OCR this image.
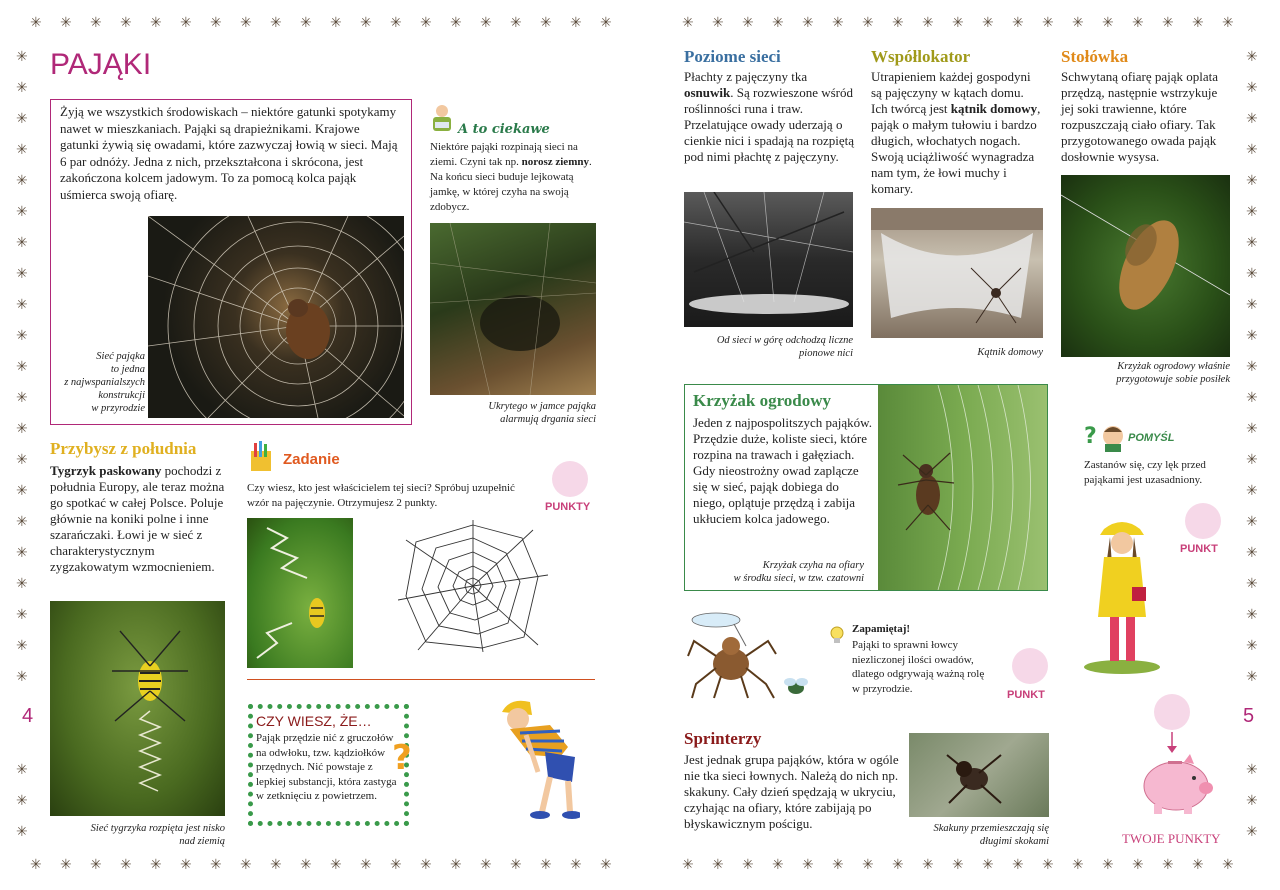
✳ ✳ ✳ ✳ ✳ ✳ ✳ ✳ ✳ ✳ ✳ ✳ ✳ ✳ ✳ ✳ ✳ ✳ ✳ ✳	✳ ✳ ✳ ✳ ✳ ✳ ✳ ✳ ✳ ✳ ✳ ✳ ✳ ✳ ✳ ✳ ✳ ✳ ✳
✳ ✳ ✳ ✳ ✳ ✳ ✳ ✳ ✳ ✳ ✳ ✳ ✳ ✳ ✳ ✳ ✳ ✳ ✳ ✳	✳ ✳ ✳ ✳ ✳ ✳ ✳ ✳ ✳ ✳ ✳ ✳ ✳ ✳ ✳ ✳ ✳ ✳ ✳
✳
✳
✳
✳
✳
✳
✳
✳
✳
✳
✳
✳
✳
✳
✳
✳
✳
✳
✳
✳
✳
✳
✳
✳
✳
✳
✳
✳
✳
✳
✳
✳
✳
✳
✳
✳
✳
✳
✳
✳
✳
✳
✳
✳
✳
✳
✳
✳
PAJĄKI
Żyją we wszystkich środowiskach – niektóre gatunki spotykamy nawet w mieszkaniach. Pająki są drapieżnikami. Krajowe gatunki żywią się owadami, które zazwyczaj łowią w sieci. Mają 6 par odnóży. Jedna z nich, przekształcona i skrócona, jest zakończona kolcem jadowym. To za pomocą kolca pająk uśmierca swoją ofiarę.
Sieć pająka
to jedna
z najwspanialszych
konstrukcji
w przyrodzie
A to ciekawe
Niektóre pająki rozpinają sieci na ziemi. Czyni tak np. norosz ziemny. Na końcu sieci buduje lejkowatą jamkę, w której czyha na swoją zdobycz.
Ukrytego w jamce pająka
alarmują drgania sieci
Przybysz z południa
Tygrzyk paskowany pochodzi z południa Europy, ale teraz można go spotkać w całej Polsce. Poluje głównie na koniki polne i inne szarańczaki. Łowi je w sieć z charakterystycznym zygzakowatym wzmocnieniem.
Sieć tygrzyka rozpięta jest nisko
nad ziemią
Zadanie
Czy wiesz, kto jest właścicielem tej sieci? Spróbuj uzupełnić wzór na pajęczynie. Otrzymujesz 2 punkty.	PUNKTY
CZY WIESZ, ŻE…
Pająk przędzie nić z gruczołów na odwłoku, tzw. kądziołków przędnych. Nić powstaje z lepkiej substancji, która zastyga w zetknięciu z powietrzem.
?
4
Poziome sieci
Płachty z pajęczyny tka osnuwik. Są rozwieszone wśród roślinności runa i traw. Przelatujące owady uderzają o cienkie nici i spadają na rozpiętą pod nimi płachtę z pajęczyny.
Od sieci w górę odchodzą liczne
pionowe nici
Współlokator
Utrapieniem każdej gospodyni są pajęczyny w kątach domu. Ich twórcą jest kątnik domowy, pająk o małym tułowiu i bardzo długich, włochatych nogach. Swoją uciążliwość wynagradza nam tym, że łowi muchy i komary.
Kątnik domowy
Stołówka
Schwytaną ofiarę pająk oplata przędzą, następnie wstrzykuje jej soki trawienne, które rozpuszczają ciało ofiary. Tak przygotowanego owada pająk dosłownie wysysa.
Krzyżak ogrodowy właśnie
przygotowuje sobie posiłek
Krzyżak ogrodowy
Jeden z najpospolitszych pająków. Przędzie duże, koliste sieci, które rozpina na trawach i gałęziach. Gdy nieostrożny owad zaplącze się w sieć, pająk dobiega do niego, oplątuje przędzą i zabija ukłuciem kolca jadowego.
Krzyżak czyha na ofiary
w środku sieci, w tzw. czatowni
?	POMYŚL
Zastanów się, czy lęk przed pająkami jest uzasadniony.
PUNKT
Zapamiętaj!
Pająki to sprawni łowcy niezliczonej ilości owadów, dlatego odgrywają ważną rolę w przyrodzie.
PUNKT
Sprinterzy
Jest jednak grupa pająków, która w ogóle nie tka sieci łownych. Należą do nich np. skakuny. Cały dzień spędzają w ukryciu, czyhając na ofiary, które zabijają po błyskawicznym pościgu.	Skakuny przemieszczają się
długimi skokami	TWOJE PUNKTY
5
